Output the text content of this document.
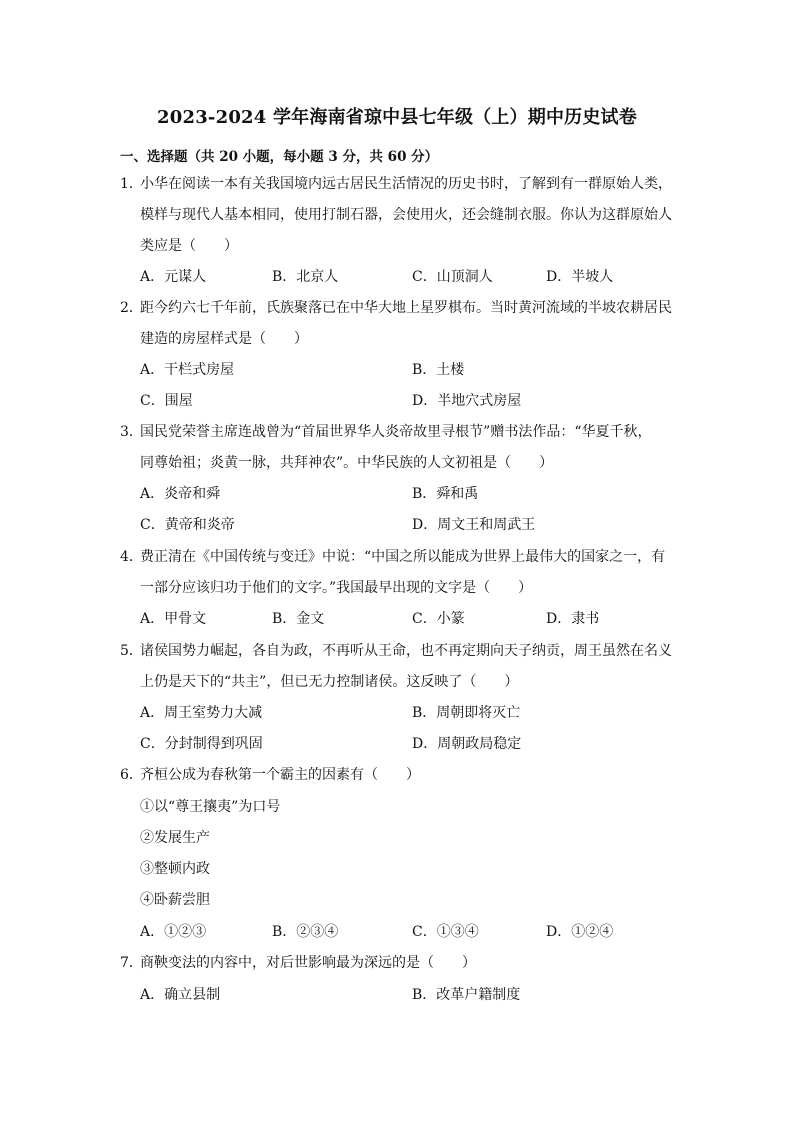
2023-2024 学年海南省琼中县七年级（上）期中历史试卷
一、选择题（共 20 小题，每小题 3 分，共 60 分）
1．小华在阅读一本有关我国境内远古居民生活情况的历史书时，了解到有一群原始人类，
模样与现代人基本相同，使用打制石器，会使用火，还会缝制衣服。你认为这群原始人
类应是（　　）
A．元谋人	B．北京人	C．山顶洞人	D．半坡人
2．距今约六七千年前，氏族聚落已在中华大地上星罗棋布。当时黄河流域的半坡农耕居民
建造的房屋样式是（　　）
A．干栏式房屋	B．土楼
C．围屋	D．半地穴式房屋
3．国民党荣誉主席连战曾为“首届世界华人炎帝故里寻根节”赠书法作品：“华夏千秋，
同尊始祖；炎黄一脉，共拜神农”。中华民族的人文初祖是（　　）
A．炎帝和舜	B．舜和禹
C．黄帝和炎帝	D．周文王和周武王
4．费正清在《中国传统与变迁》中说：“中国之所以能成为世界上最伟大的国家之一，有
一部分应该归功于他们的文字。”我国最早出现的文字是（　　）
A．甲骨文	B．金文	C．小篆	D．隶书
5．诸侯国势力崛起，各自为政，不再听从王命，也不再定期向天子纳贡，周王虽然在名义
上仍是天下的“共主”，但已无力控制诸侯。这反映了（　　）
A．周王室势力大减	B．周朝即将灭亡
C．分封制得到巩固	D．周朝政局稳定
6．齐桓公成为春秋第一个霸主的因素有（　　）
①以“尊王攘夷”为口号
②发展生产
③整顿内政
④卧薪尝胆
A．①②③	B．②③④	C．①③④	D．①②④
7．商鞅变法的内容中，对后世影响最为深远的是（　　）
A．确立县制	B．改革户籍制度
